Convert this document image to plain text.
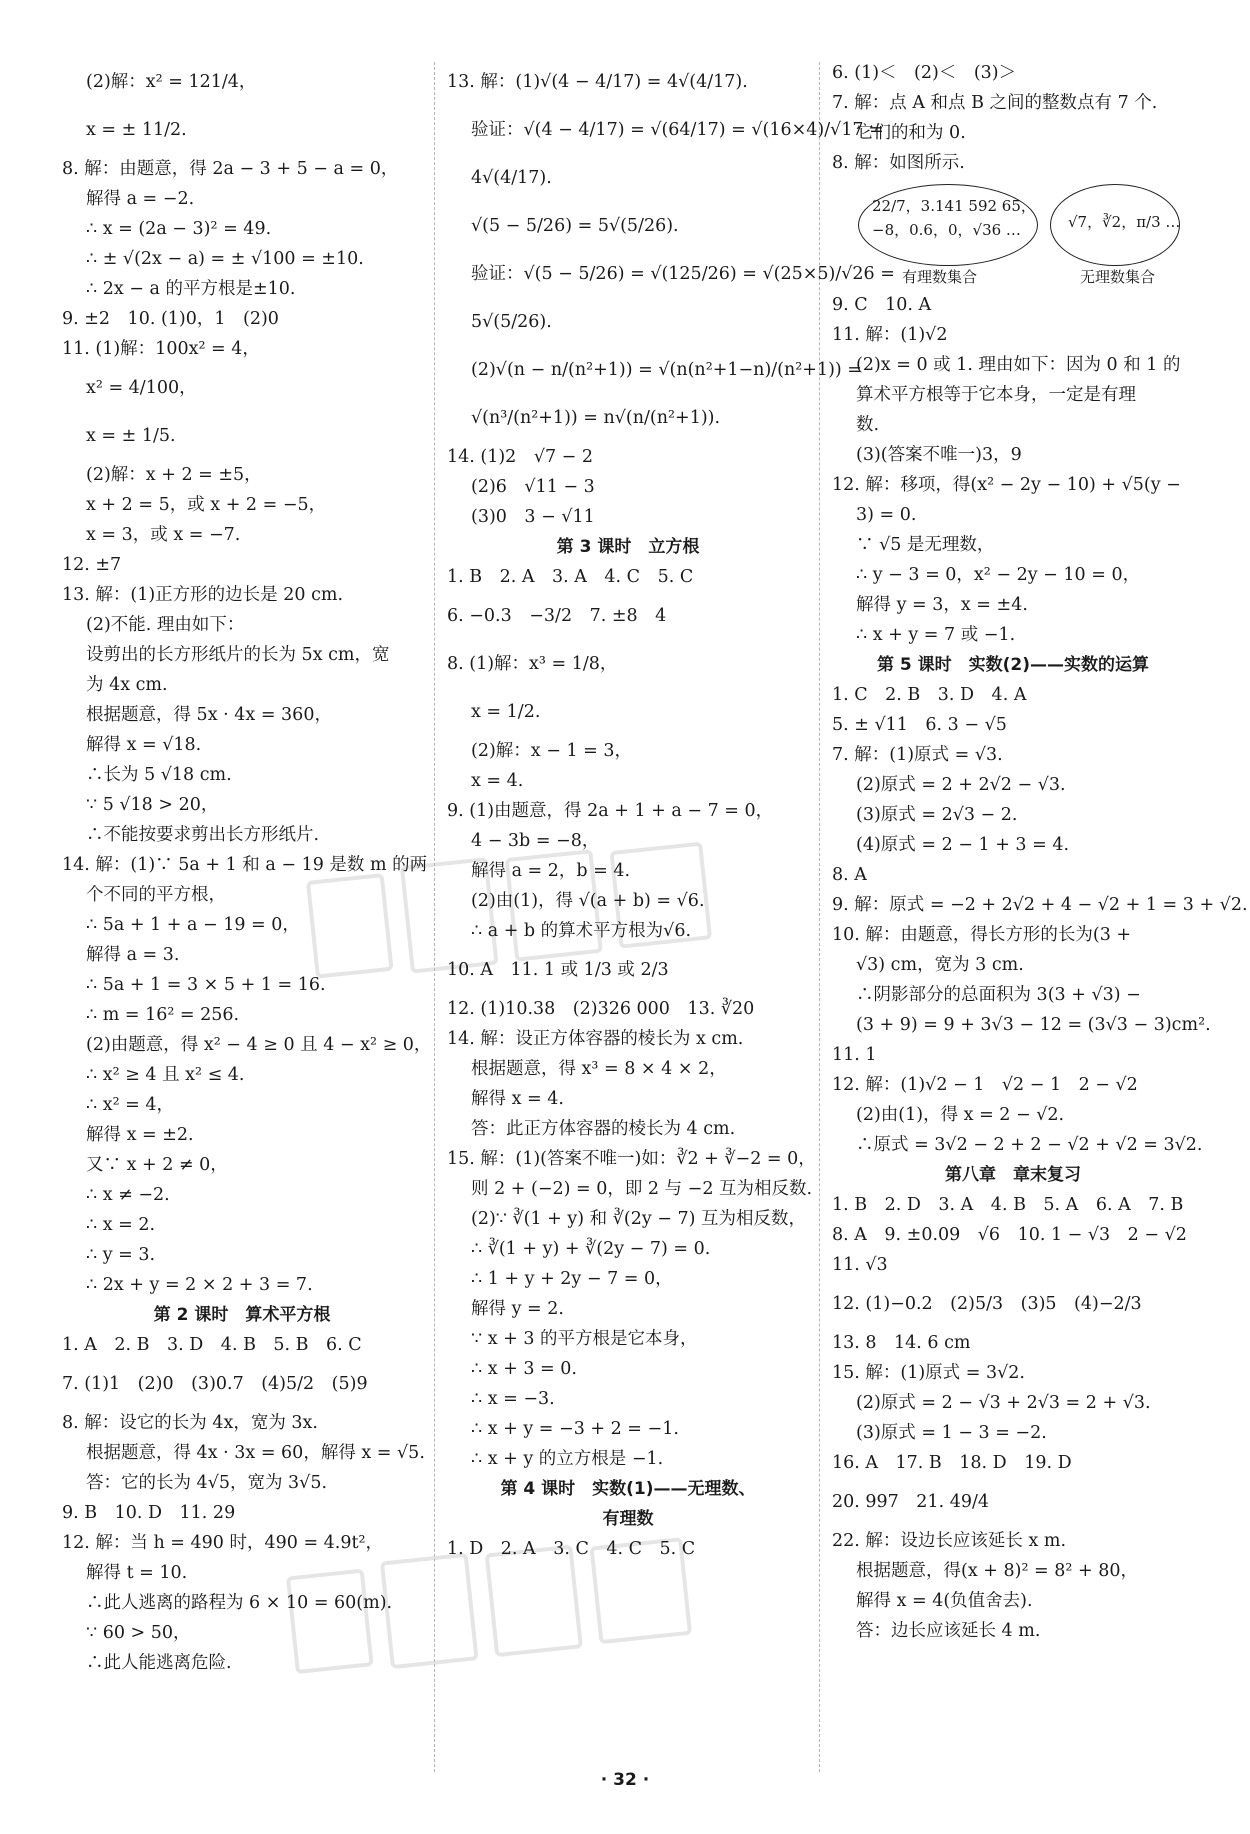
(2)解：x² = 121/4，
x = ± 11/2.
8. 解：由题意，得 2a − 3 + 5 − a = 0，
解得 a = −2.
∴ x = (2a − 3)² = 49.
∴ ± √(2x − a) = ± √100 = ±10.
∴ 2x − a 的平方根是±10.
9. ±2　10. (1)0，1　(2)0
11. (1)解：100x² = 4，
x² = 4/100，
x = ± 1/5.
(2)解：x + 2 = ±5，
x + 2 = 5，或 x + 2 = −5，
x = 3，或 x = −7.
12. ±7
13. 解：(1)正方形的边长是 20 cm.
(2)不能. 理由如下：
设剪出的长方形纸片的长为 5x cm，宽
为 4x cm.
根据题意，得 5x · 4x = 360，
解得 x = √18.
∴长为 5 √18 cm.
∵ 5 √18 > 20，
∴不能按要求剪出长方形纸片.
14. 解：(1)∵ 5a + 1 和 a − 19 是数 m 的两
个不同的平方根，
∴ 5a + 1 + a − 19 = 0，
解得 a = 3.
∴ 5a + 1 = 3 × 5 + 1 = 16.
∴ m = 16² = 256.
(2)由题意，得 x² − 4 ≥ 0 且 4 − x² ≥ 0，
∴ x² ≥ 4 且 x² ≤ 4.
∴ x² = 4，
解得 x = ±2.
又∵ x + 2 ≠ 0，
∴ x ≠ −2.
∴ x = 2.
∴ y = 3.
∴ 2x + y = 2 × 2 + 3 = 7.
第 2 课时　算术平方根
1. A　2. B　3. D　4. B　5. B　6. C
7. (1)1　(2)0　(3)0.7　(4)5/2　(5)9
8. 解：设它的长为 4x，宽为 3x.
根据题意，得 4x · 3x = 60，解得 x = √5.
答：它的长为 4√5，宽为 3√5.
9. B　10. D　11. 29
12. 解：当 h = 490 时，490 = 4.9t²，
解得 t = 10.
∴此人逃离的路程为 6 × 10 = 60(m).
∵ 60 > 50，
∴此人能逃离危险.
13. 解：(1)√(4 − 4/17) = 4√(4/17).
验证：√(4 − 4/17) = √(64/17) = √(16×4)/√17 =
4√(4/17).
√(5 − 5/26) = 5√(5/26).
验证：√(5 − 5/26) = √(125/26) = √(25×5)/√26 =
5√(5/26).
(2)√(n − n/(n²+1)) = √(n(n²+1−n)/(n²+1)) =
√(n³/(n²+1)) = n√(n/(n²+1)).
14. (1)2　√7 − 2
(2)6　√11 − 3
(3)0　3 − √11
第 3 课时　立方根
1. B　2. A　3. A　4. C　5. C
6. −0.3　−3/2　7. ±8　4
8. (1)解：x³ = 1/8，
x = 1/2.
(2)解：x − 1 = 3，
x = 4.
9. (1)由题意，得 2a + 1 + a − 7 = 0，
4 − 3b = −8，
解得 a = 2，b = 4.
(2)由(1)，得 √(a + b) = √6.
∴ a + b 的算术平方根为√6.
10. A　11. 1 或 1/3 或 2/3
12. (1)10.38　(2)326 000　13. ∛20
14. 解：设正方体容器的棱长为 x cm.
根据题意，得 x³ = 8 × 4 × 2，
解得 x = 4.
答：此正方体容器的棱长为 4 cm.
15. 解：(1)(答案不唯一)如：∛2 + ∛−2 = 0，
则 2 + (−2) = 0，即 2 与 −2 互为相反数.
(2)∵ ∛(1 + y) 和 ∛(2y − 7) 互为相反数，
∴ ∛(1 + y) + ∛(2y − 7) = 0.
∴ 1 + y + 2y − 7 = 0，
解得 y = 2.
∵ x + 3 的平方根是它本身，
∴ x + 3 = 0.
∴ x = −3.
∴ x + y = −3 + 2 = −1.
∴ x + y 的立方根是 −1.
第 4 课时　实数(1)——无理数、
有理数
1. D　2. A　3. C　4. C　5. C
6. (1)＜　(2)＜　(3)＞
7. 解：点 A 和点 B 之间的整数点有 7 个.
它们的和为 0.
8. 解：如图所示.
22/7，3.141 592 65，
−8，0.6，0，√36 …	√7，∛2，π/3 …
有理数集合	无理数集合
9. C　10. A
11. 解：(1)√2
(2)x = 0 或 1. 理由如下：因为 0 和 1 的
算术平方根等于它本身，一定是有理
数.
(3)(答案不唯一)3，9
12. 解：移项，得(x² − 2y − 10) + √5(y −
3) = 0.
∵ √5 是无理数，
∴ y − 3 = 0，x² − 2y − 10 = 0，
解得 y = 3，x = ±4.
∴ x + y = 7 或 −1.
第 5 课时　实数(2)——实数的运算
1. C　2. B　3. D　4. A
5. ± √11　6. 3 − √5
7. 解：(1)原式 = √3.
(2)原式 = 2 + 2√2 − √3.
(3)原式 = 2√3 − 2.
(4)原式 = 2 − 1 + 3 = 4.
8. A
9. 解：原式 = −2 + 2√2 + 4 − √2 + 1 = 3 + √2.
10. 解：由题意，得长方形的长为(3 +
√3) cm，宽为 3 cm.
∴阴影部分的总面积为 3(3 + √3) −
(3 + 9) = 9 + 3√3 − 12 = (3√3 − 3)cm².
11. 1
12. 解：(1)√2 − 1　√2 − 1　2 − √2
(2)由(1)，得 x = 2 − √2.
∴原式 = 3√2 − 2 + 2 − √2 + √2 = 3√2.
第八章　章末复习
1. B　2. D　3. A　4. B　5. A　6. A　7. B
8. A　9. ±0.09　√6　10. 1 − √3　2 − √2
11. √3
12. (1)−0.2　(2)5/3　(3)5　(4)−2/3
13. 8　14. 6 cm
15. 解：(1)原式 = 3√2.
(2)原式 = 2 − √3 + 2√3 = 2 + √3.
(3)原式 = 1 − 3 = −2.
16. A　17. B　18. D　19. D
20. 997　21. 49/4
22. 解：设边长应该延长 x m.
根据题意，得(x + 8)² = 8² + 80，
解得 x = 4(负值舍去).
答：边长应该延长 4 m.
· 32 ·
